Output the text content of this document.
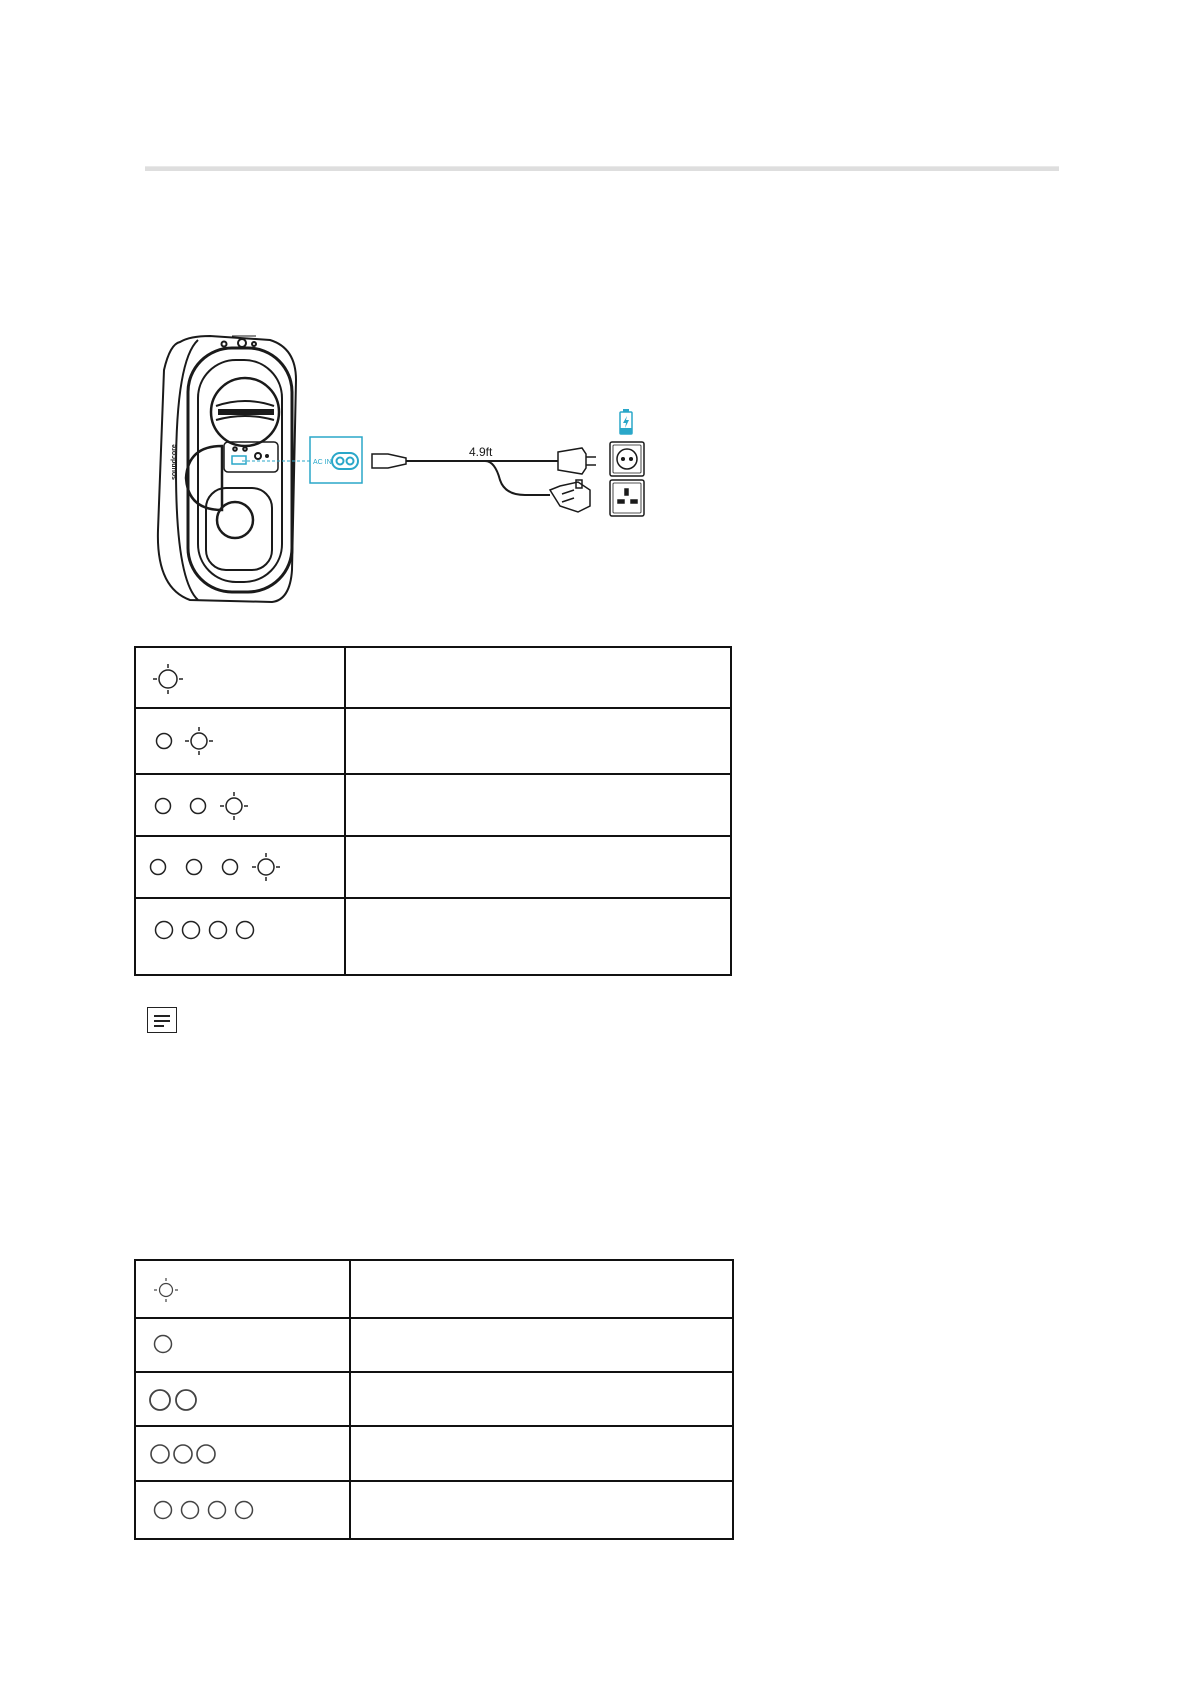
soundcore	AC IN
4.9ft
